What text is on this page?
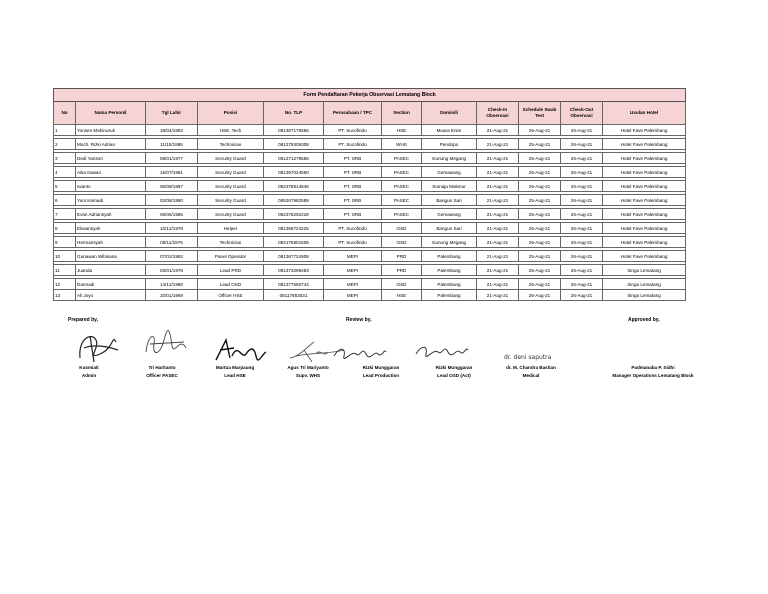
Form Pendaftaran Pekerja Observasi Lematang Block											
No	Nama Personil	Tgl Lahir	Posisi	No. TLP	Perusahaan / TPC	Section	Domisili	Check-In Observasi	Schedule Swab Test	Check-Out Observasi	Usulan Hotel
1	Yonsen Mahinuruk	18/04/1982	HSE. Tech	081367176565	PT. Sucofindo	HSE	Muara Enim	21-Aug-21	25-Aug-21	26-Aug-21	Hotel Fave Palembang

2	Moch. Rizki Adrian	11/10/1986	Technician	081279309308	PT. Sucofindo	WHS	Pendopo	21-Aug-21	25-Aug-21	26-Aug-21	Hotel Fave Palembang

3	Dedi Yansori	08/01/1977	Security Guard	081271279555	PT. SRB	PASEC	Gunung Megang	21-Aug-21	25-Aug-21	26-Aug-21	Hotel Fave Palembang

4	Aika Irawan	15/07/1981	Security Guard	081367024560	PT. SRB	PASEC	Gemawang	21-Aug-21	25-Aug-21	26-Aug-21	Hotel Fave Palembang

5	Iwanto	06/09/1987	Security Guard	082378914646	PT. SRB	PASEC	Sumaja Makmur	21-Aug-21	25-Aug-21	26-Aug-21	Hotel Fave Palembang

6	Yuni Karnadi	02/08/1980	Security Guard	085267982589	PT. SRB	PASEC	Bangun Sari	21-Aug-21	25-Aug-21	26-Aug-21	Hotel Fave Palembang

7	Evan Adriansyah	06/06/1985	Security Guard	082378292228	PT. SRB	PASEC	Gemawang	21-Aug-21	25-Aug-21	26-Aug-21	Hotel Fave Palembang

8	Ekwansyah	10/12/1978	Helper	081366724225	PT. Sucofindo	OSD	Bangun Sari	21-Aug-21	25-Aug-21	26-Aug-21	Hotel Fave Palembang

9	Hermansyah	09/11/1976	Technician	082175801505	PT. Sucofindo	OSD	Gunung Megang	21-Aug-21	25-Aug-21	26-Aug-21	Hotel Fave Palembang

10	Gunawan Wibisana	07/02/1982	Panel Operator	081367724908	MEPI	PRD	Palembang	21-Aug-21	25-Aug-21	26-Aug-21	Hotel Fave Palembang

11	Juanda	03/01/1978	Lead PRD	081373299483	MEPI	PRD	Palembang	21-Aug-21	25-Aug-21	26-Aug-21	Singa Lematang

12	Darmadi	14/12/1980	Lead OSD	081377550742	MEPI	OSD	Palembang	21-Aug-21	25-Aug-21	26-Aug-21	Singa Lematang
13	Ali Joyo	10/01/1969	Officer HSE	08117853031	MEPI	HSE	Palembang	21-Aug-21	25-Aug-21	26-Aug-21	Singa Lematang
Prepared by,	Review by,	Approved by,
dr. deni saputra
Kusmiati
Admin
Tri Haritanto
Officer PASEC
Martua Marpaung
Lead HSE
Agus Tri Mariyanto
Supv. WHS
Rizki Munggaran
Lead Production
Rizki Munggaran
Lead OSD (Act)
dr. M. Chandra Bastian
Medical
Padmanaba P. Sidhi
Manager Operations Lematang Block
